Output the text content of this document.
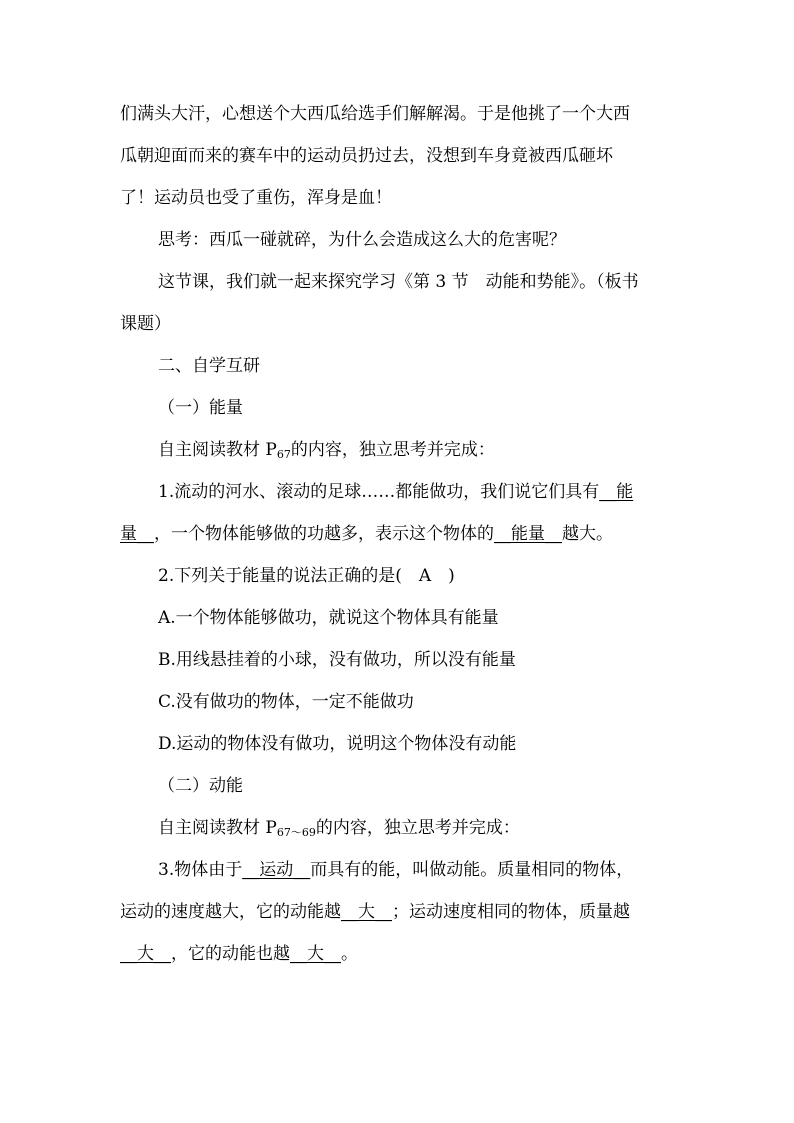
们满头大汗，心想送个大西瓜给选手们解解渴。于是他挑了一个大西
瓜朝迎面而来的赛车中的运动员扔过去，没想到车身竟被西瓜砸坏
了！运动员也受了重伤，浑身是血！
思考：西瓜一碰就碎，为什么会造成这么大的危害呢？
这节课，我们就一起来探究学习《第 3 节　动能和势能》。（板书
课题）
二、自学互研
（一）能量
自主阅读教材 $P_{67}$的内容，独立思考并完成：
1.流动的河水、滚动的足球……都能做功，我们说它们具有__能
量__，一个物体能够做的功越多，表示这个物体的__能量__越大。
2.下列关于能量的说法正确的是(　A　)
A.一个物体能够做功，就说这个物体具有能量
B.用线悬挂着的小球，没有做功，所以没有能量
C.没有做功的物体，一定不能做功
D.运动的物体没有做功，说明这个物体没有动能
（二）动能
自主阅读教材 $P_{67\sim 69}$的内容，独立思考并完成：
3.物体由于__运动__而具有的能，叫做动能。质量相同的物体，
运动的速度越大，它的动能越__大__；运动速度相同的物体，质量越
__大__，它的动能也越__大__。
